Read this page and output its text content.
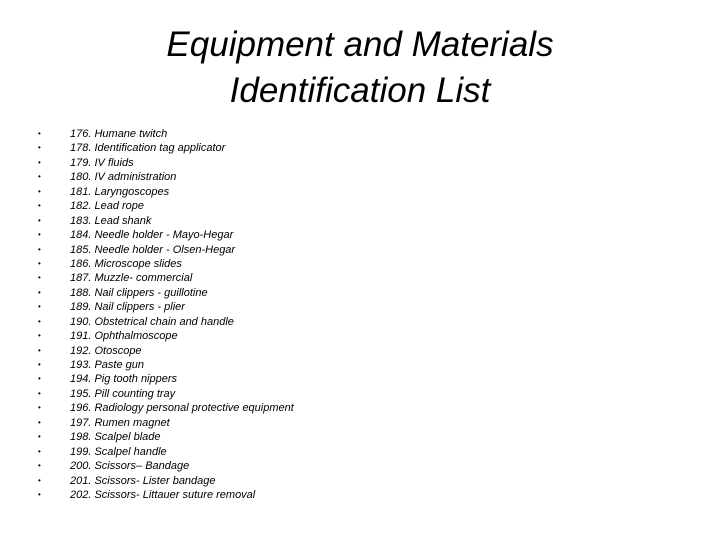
Equipment and Materials
Identification List
•	176. Humane twitch
•	178. Identification tag applicator
•	179. IV fluids
•	180. IV administration
•	181. Laryngoscopes
•	182. Lead rope
•	183. Lead shank
•	184. Needle holder - Mayo-Hegar
•	185. Needle holder - Olsen-Hegar
•	186. Microscope slides
•	187. Muzzle- commercial
•	188. Nail clippers - guillotine
•	189. Nail clippers - plier
•	190. Obstetrical chain and handle
•	191. Ophthalmoscope
•	192. Otoscope
•	193. Paste gun
•	194. Pig tooth nippers
•	195. Pill counting tray
•	196. Radiology personal protective equipment
•	197. Rumen magnet
•	198. Scalpel blade
•	199. Scalpel handle
•	200. Scissors– Bandage
•	201. Scissors- Lister bandage
•	202. Scissors- Littauer suture removal
